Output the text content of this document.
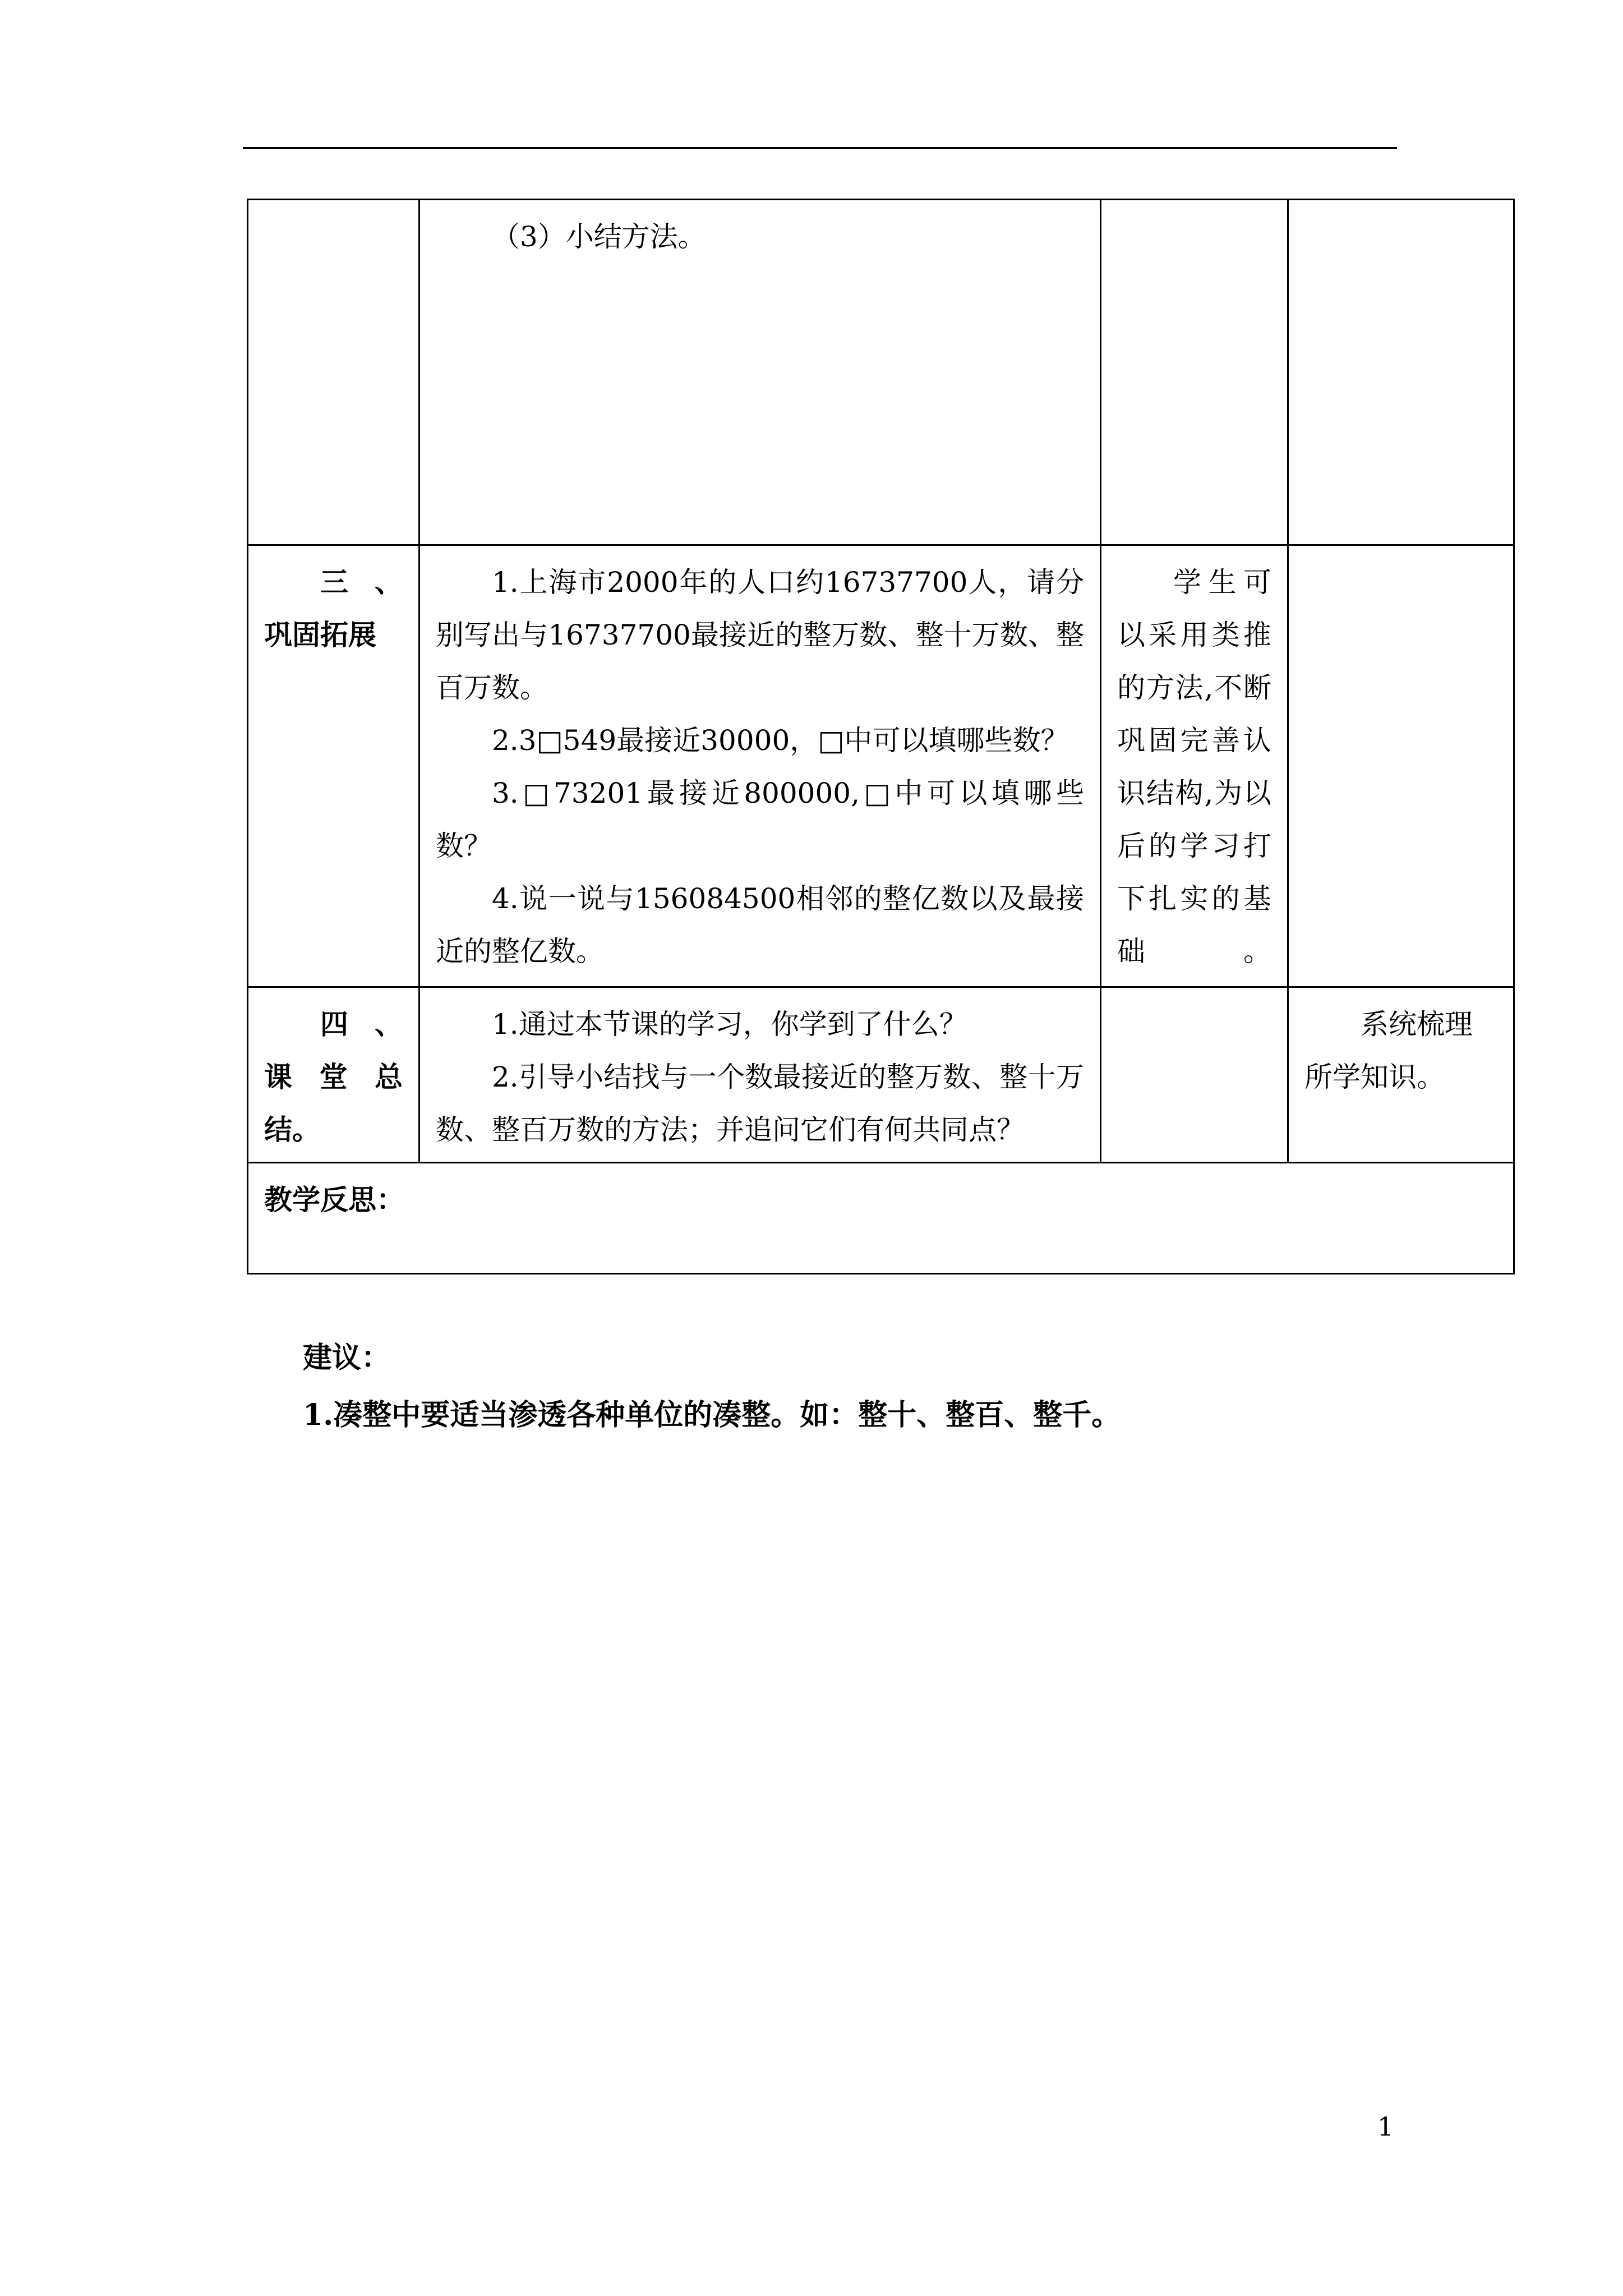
	（3）小结方法。		

三、巩固拓展	1.上海市2000年的人口约16737700人，请分别写出与16737700最接近的整万数、整十万数、整百万数。

2.3□549最接近30000，□中可以填哪些数？

3.□73201最接近800000,□中可以填哪些数？

4.说一说与156084500相邻的整亿数以及最接近的整亿数。	学生可以采用类推的方法,不断巩固完善认识结构,为以后的学习打下扎实的基础。	
四、课堂总结。	1.通过本节课的学习，你学到了什么？

2.引导小结找与一个数最接近的整万数、整十万数、整百万数的方法；并追问它们有何共同点？		系统梳理所学知识。
教学反思：			

建议：

1.凑整中要适当渗透各种单位的凑整。如：整十、整百、整千。

1
